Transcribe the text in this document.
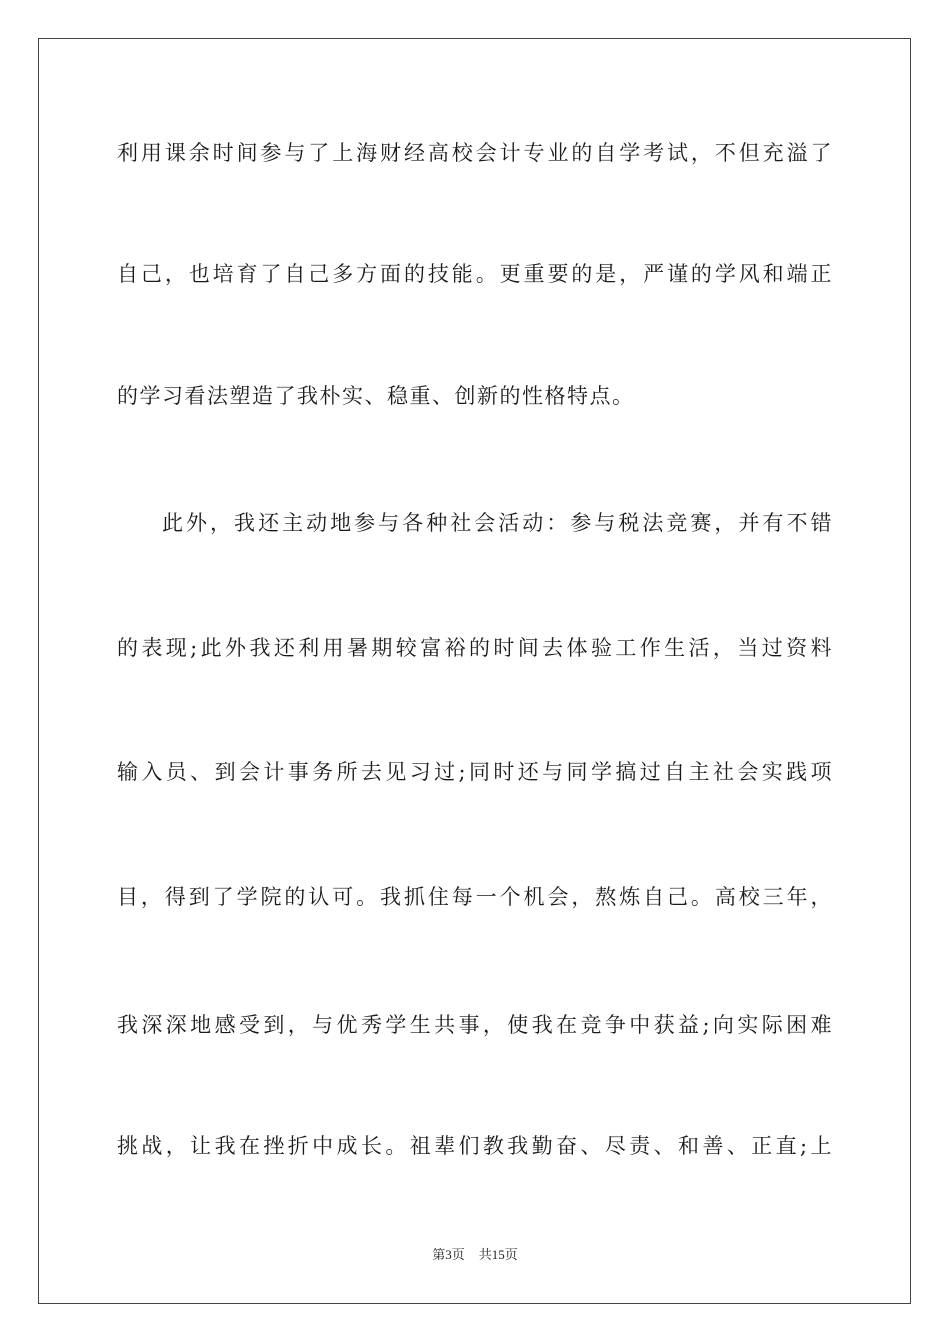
利用课余时间参与了上海财经高校会计专业的自学考试，不但充溢了
自己，也培育了自己多方面的技能。更重要的是，严谨的学风和端正
的学习看法塑造了我朴实、稳重、创新的性格特点。
此外，我还主动地参与各种社会活动：参与税法竞赛，并有不错
的表现;此外我还利用暑期较富裕的时间去体验工作生活，当过资料
输入员、到会计事务所去见习过;同时还与同学搞过自主社会实践项
目，得到了学院的认可。我抓住每一个机会，熬炼自己。高校三年，
我深深地感受到，与优秀学生共事，使我在竞争中获益;向实际困难
挑战，让我在挫折中成长。祖辈们教我勤奋、尽责、和善、正直;上
第3页 共15页
